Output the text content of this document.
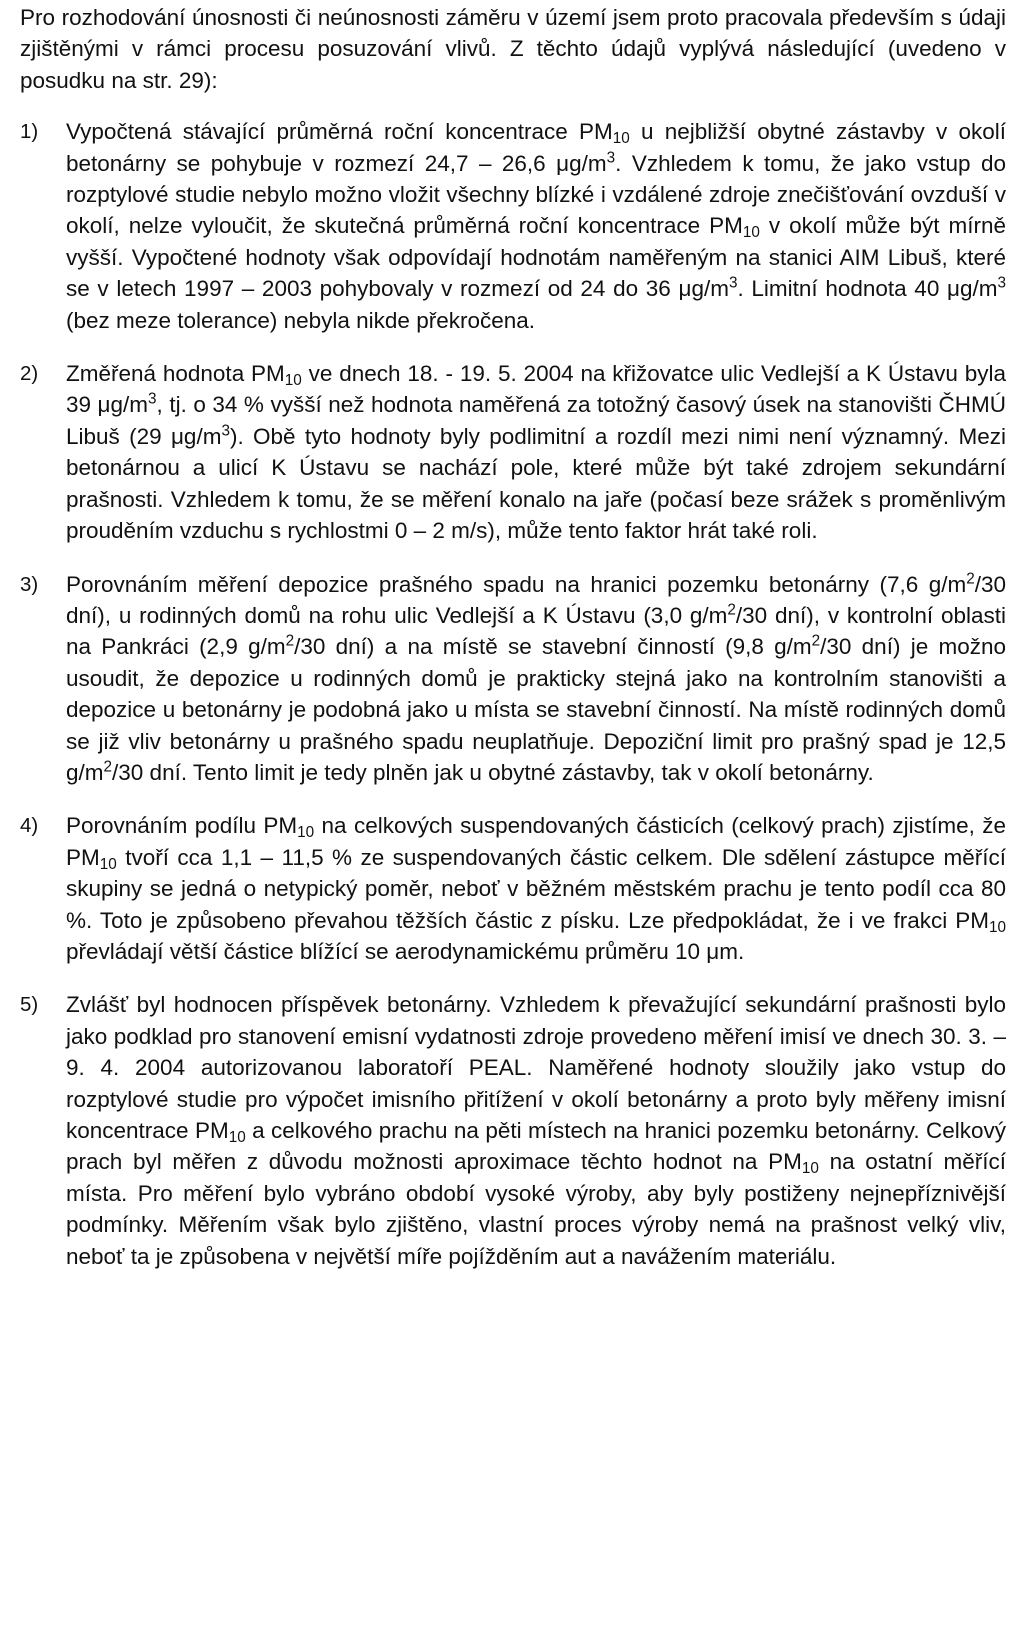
Pro rozhodování únosnosti či neúnosnosti záměru v území jsem proto pracovala především s údaji zjištěnými v rámci procesu posuzování vlivů. Z těchto údajů vyplývá následující (uvedeno v posudku na str. 29):

1) Vypočtená stávající průměrná roční koncentrace $PM_{10}$ u nejbližší obytné zástavby v okolí betonárny se pohybuje v rozmezí 24,7 – 26,6 $\mu g/m^3$. Vzhledem k tomu, že jako vstup do rozptylové studie nebylo možno vložit všechny blízké i vzdálené zdroje znečišťování ovzduší v okolí, nelze vyloučit, že skutečná průměrná roční koncentrace $PM_{10}$ v okolí může být mírně vyšší. Vypočtené hodnoty však odpovídají hodnotám naměřeným na stanici AIM Libuš, které se v letech 1997 – 2003 pohybovaly v rozmezí od 24 do 36 $\mu g/m^3$. Limitní hodnota 40 $\mu g/m^3$ (bez meze tolerance) nebyla nikde překročena.

2) Změřená hodnota $PM_{10}$ ve dnech 18. - 19. 5. 2004 na křižovatce ulic Vedlejší a K Ústavu byla 39 $\mu g/m^3$, tj. o 34 % vyšší než hodnota naměřená za totožný časový úsek na stanovišti ČHMÚ Libuš (29 $\mu g/m^3$). Obě tyto hodnoty byly podlimitní a rozdíl mezi nimi není významný. Mezi betonárnou a ulicí K Ústavu se nachází pole, které může být také zdrojem sekundární prašnosti. Vzhledem k tomu, že se měření konalo na jaře (počasí beze srážek s proměnlivým prouděním vzduchu s rychlostmi 0 – 2 m/s), může tento faktor hrát také roli.

3) Porovnáním měření depozice prašného spadu na hranici pozemku betonárny (7,6 $g/m^2/30$ dní), u rodinných domů na rohu ulic Vedlejší a K Ústavu (3,0 $g/m^2/30$ dní), v kontrolní oblasti na Pankráci (2,9 $g/m^2/30$ dní) a na místě se stavební činností (9,8 $g/m^2/30$ dní) je možno usoudit, že depozice u rodinných domů je prakticky stejná jako na kontrolním stanovišti a depozice u betonárny je podobná jako u místa se stavební činností. Na místě rodinných domů se již vliv betonárny u prašného spadu neuplatňuje. Depoziční limit pro prašný spad je 12,5 $g/m^2/30$ dní. Tento limit je tedy plněn jak u obytné zástavby, tak v okolí betonárny.

4) Porovnáním podílu $PM_{10}$ na celkových suspendovaných částicích (celkový prach) zjistíme, že $PM_{10}$ tvoří cca 1,1 – 11,5 % ze suspendovaných částic celkem. Dle sdělení zástupce měřící skupiny se jedná o netypický poměr, neboť v běžném městském prachu je tento podíl cca 80 %. Toto je způsobeno převahou těžších částic z písku. Lze předpokládat, že i ve frakci $PM_{10}$ převládají větší částice blížící se aerodynamickému průměru 10 μm.

5) Zvlášť byl hodnocen příspěvek betonárny. Vzhledem k převažující sekundární prašnosti bylo jako podklad pro stanovení emisní vydatnosti zdroje provedeno měření imisí ve dnech 30. 3. – 9. 4. 2004 autorizovanou laboratoří PEAL. Naměřené hodnoty sloužily jako vstup do rozptylové studie pro výpočet imisního přitížení v okolí betonárny a proto byly měřeny imisní koncentrace $PM_{10}$ a celkového prachu na pěti místech na hranici pozemku betonárny. Celkový prach byl měřen z důvodu možnosti aproximace těchto hodnot na $PM_{10}$ na ostatní měřící místa. Pro měření bylo vybráno období vysoké výroby, aby byly postiženy nejnepříznivější podmínky. Měřením však bylo zjištěno, vlastní proces výroby nemá na prašnost velký vliv, neboť ta je způsobena v největší míře pojížděním aut a navážením materiálu.
